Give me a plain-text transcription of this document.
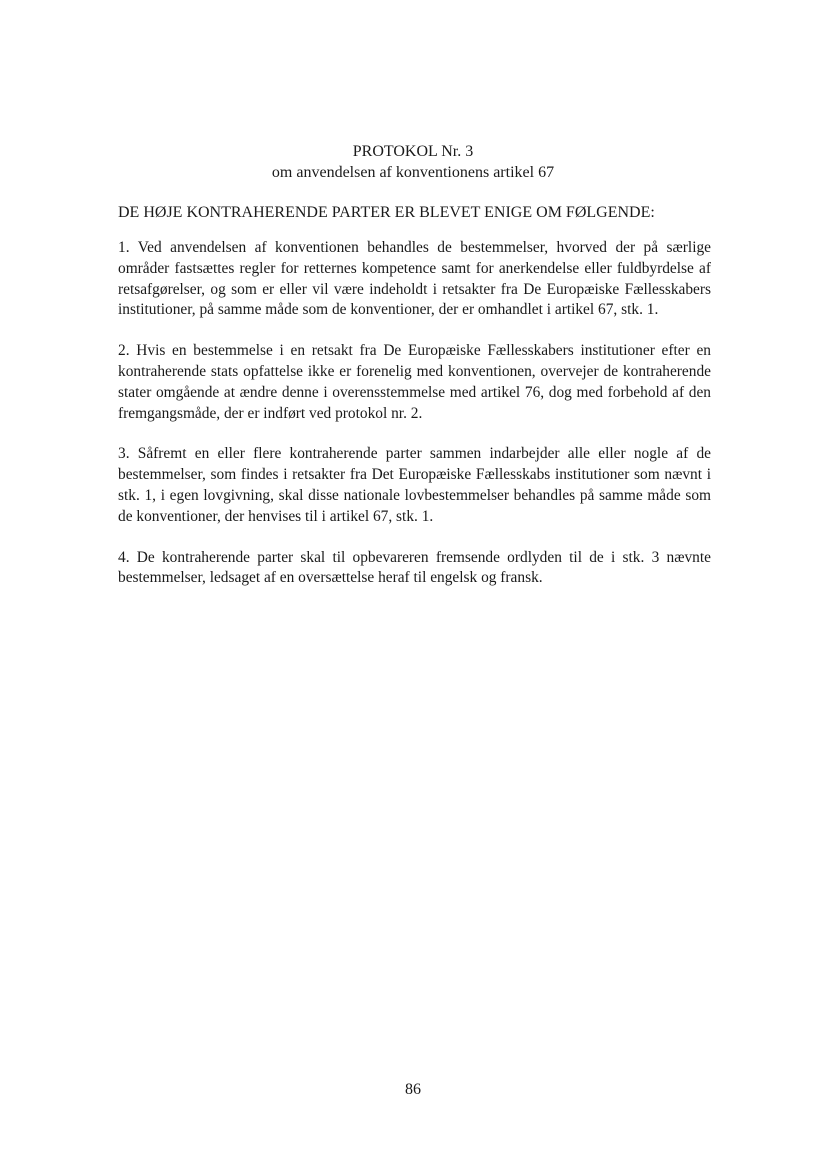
PROTOKOL Nr. 3

om anvendelsen af konventionens artikel 67

DE HØJE KONTRAHERENDE PARTER ER BLEVET ENIGE OM FØLGENDE:

1. Ved anvendelsen af konventionen behandles de bestemmelser, hvorved der på særlige områder fastsættes regler for retternes kompetence samt for anerkendelse eller fuldbyrdelse af retsafgørelser, og som er eller vil være indeholdt i retsakter fra De Europæiske Fællesskabers institutioner, på samme måde som de konventioner, der er omhandlet i artikel 67, stk. 1.

2. Hvis en bestemmelse i en retsakt fra De Europæiske Fællesskabers institutioner efter en kontraherende stats opfattelse ikke er forenelig med konventionen, overvejer de kontraherende stater omgående at ændre denne i overensstemmelse med artikel 76, dog med forbehold af den fremgangsmåde, der er indført ved protokol nr. 2.

3. Såfremt en eller flere kontraherende parter sammen indarbejder alle eller nogle af de bestemmelser, som findes i retsakter fra Det Europæiske Fællesskabs institutioner som nævnt i stk. 1, i egen lovgivning, skal disse nationale lovbestemmelser behandles på samme måde som de konventioner, der henvises til i artikel 67, stk. 1.

4. De kontraherende parter skal til opbevareren fremsende ordlyden til de i stk. 3 nævnte bestemmelser, ledsaget af en oversættelse heraf til engelsk og fransk.

86
